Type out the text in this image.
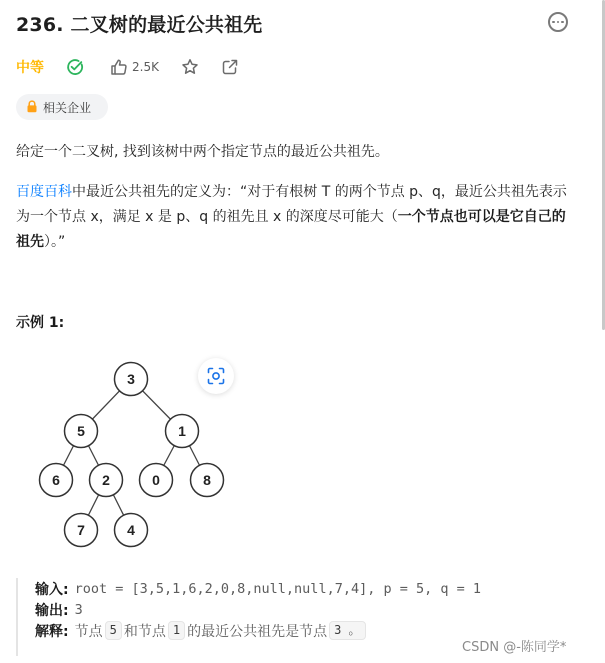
236. 二叉树的最近公共祖先
中等	2.5K
相关企业
给定一个二叉树, 找到该树中两个指定节点的最近公共祖先。
百度百科中最近公共祖先的定义为：“对于有根树 T 的两个节点 p、q，最近公共祖先表示为一个节点 x，满足 x 是 p、q 的祖先且 x 的深度尽可能大（一个节点也可以是它自己的祖先）。”
示例 1:
3
5	1
6	2	0	8
7	4
输入: root = [3,5,1,6,2,0,8,null,null,7,4], p = 5, q = 1
输出: 3
解释: 节点 5 和节点 1 的最近公共祖先是节点 3 。
CSDN @-陈同学*
